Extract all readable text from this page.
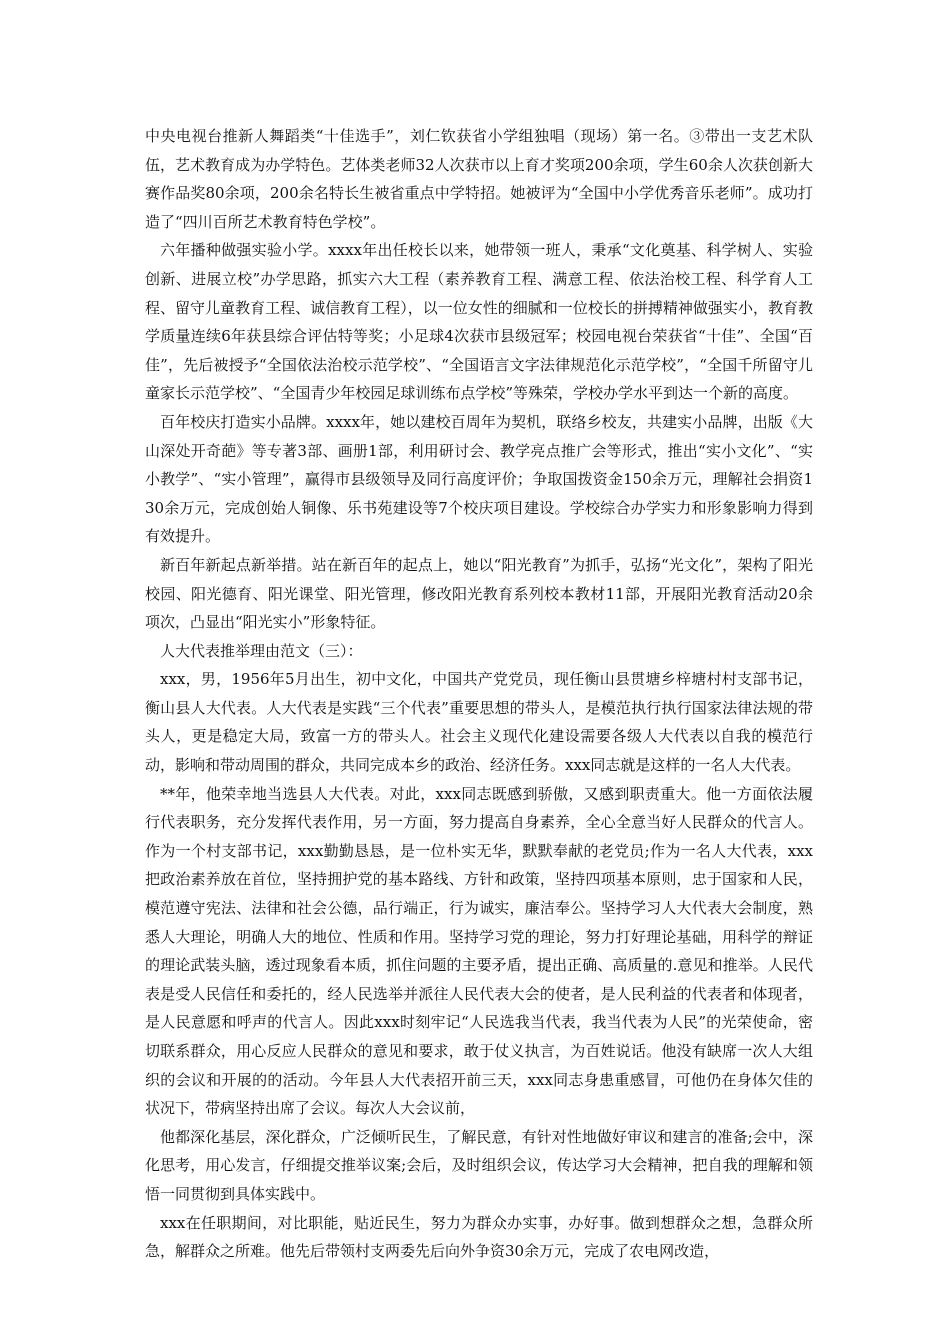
中央电视台推新人舞蹈类“十佳选手”，刘仁钦获省小学组独唱（现场）第一名。③带出一支艺术队伍，艺术教育成为办学特色。艺体类老师32人次获市以上育才奖项200余项，学生60余人次获创新大赛作品奖80余项，200余名特长生被省重点中学特招。她被评为“全国中小学优秀音乐老师”。成功打造了“四川百所艺术教育特色学校”。

六年播种做强实验小学。xxxx年出任校长以来，她带领一班人，秉承“文化奠基、科学树人、实验创新、进展立校”办学思路，抓实六大工程（素养教育工程、满意工程、依法治校工程、科学育人工程、留守儿童教育工程、诚信教育工程），以一位女性的细腻和一位校长的拼搏精神做强实小，教育教学质量连续6年获县综合评估特等奖；小足球4次获市县级冠军；校园电视台荣获省“十佳”、全国“百佳”，先后被授予“全国依法治校示范学校”、“全国语言文字法律规范化示范学校”，“全国千所留守儿童家长示范学校”、“全国青少年校园足球训练布点学校”等殊荣，学校办学水平到达一个新的高度。

百年校庆打造实小品牌。xxxx年，她以建校百周年为契机，联络乡校友，共建实小品牌，出版《大山深处开奇葩》等专著3部、画册1部，利用研讨会、教学亮点推广会等形式，推出“实小文化”、“实小教学”、“实小管理”，赢得市县级领导及同行高度评价；争取国拨资金150余万元，理解社会捐资130余万元，完成创始人铜像、乐书苑建设等7个校庆项目建设。学校综合办学实力和形象影响力得到有效提升。

新百年新起点新举措。站在新百年的起点上，她以“阳光教育”为抓手，弘扬“光文化”，架构了阳光校园、阳光德育、阳光课堂、阳光管理，修改阳光教育系列校本教材11部，开展阳光教育活动20余项次，凸显出“阳光实小”形象特征。

人大代表推举理由范文（三）：

xxx，男，1956年5月出生，初中文化，中国共产党党员，现任衡山县贯塘乡梓塘村村支部书记，衡山县人大代表。人大代表是实践“三个代表”重要思想的带头人，是模范执行执行国家法律法规的带头人，更是稳定大局，致富一方的带头人。社会主义现代化建设需要各级人大代表以自我的模范行动，影响和带动周围的群众，共同完成本乡的政治、经济任务。xxx同志就是这样的一名人大代表。

**年，他荣幸地当选县人大代表。对此，xxx同志既感到骄傲，又感到职责重大。他一方面依法履行代表职务，充分发挥代表作用，另一方面，努力提高自身素养，全心全意当好人民群众的代言人。作为一个村支部书记，xxx勤勤恳恳，是一位朴实无华，默默奉献的老党员;作为一名人大代表，xxx把政治素养放在首位，坚持拥护党的基本路线、方针和政策，坚持四项基本原则，忠于国家和人民，模范遵守宪法、法律和社会公德，品行端正，行为诚实，廉洁奉公。坚持学习人大代表大会制度，熟悉人大理论，明确人大的地位、性质和作用。坚持学习党的理论，努力打好理论基础，用科学的辩证的理论武装头脑，透过现象看本质，抓住问题的主要矛盾，提出正确、高质量的.意见和推举。人民代表是受人民信任和委托的，经人民选举并派往人民代表大会的使者，是人民利益的代表者和体现者，是人民意愿和呼声的代言人。因此xxx时刻牢记“人民选我当代表，我当代表为人民”的光荣使命，密切联系群众，用心反应人民群众的意见和要求，敢于仗义执言，为百姓说话。他没有缺席一次人大组织的会议和开展的的活动。今年县人大代表招开前三天，xxx同志身患重感冒，可他仍在身体欠佳的状况下，带病坚持出席了会议。每次人大会议前，

他都深化基层，深化群众，广泛倾听民生，了解民意，有针对性地做好审议和建言的准备;会中，深化思考，用心发言，仔细提交推举议案;会后，及时组织会议，传达学习大会精神，把自我的理解和领悟一同贯彻到具体实践中。

xxx在任职期间，对比职能，贴近民生，努力为群众办实事，办好事。做到想群众之想，急群众所急，解群众之所难。他先后带领村支两委先后向外争资30余万元，完成了农电网改造，
